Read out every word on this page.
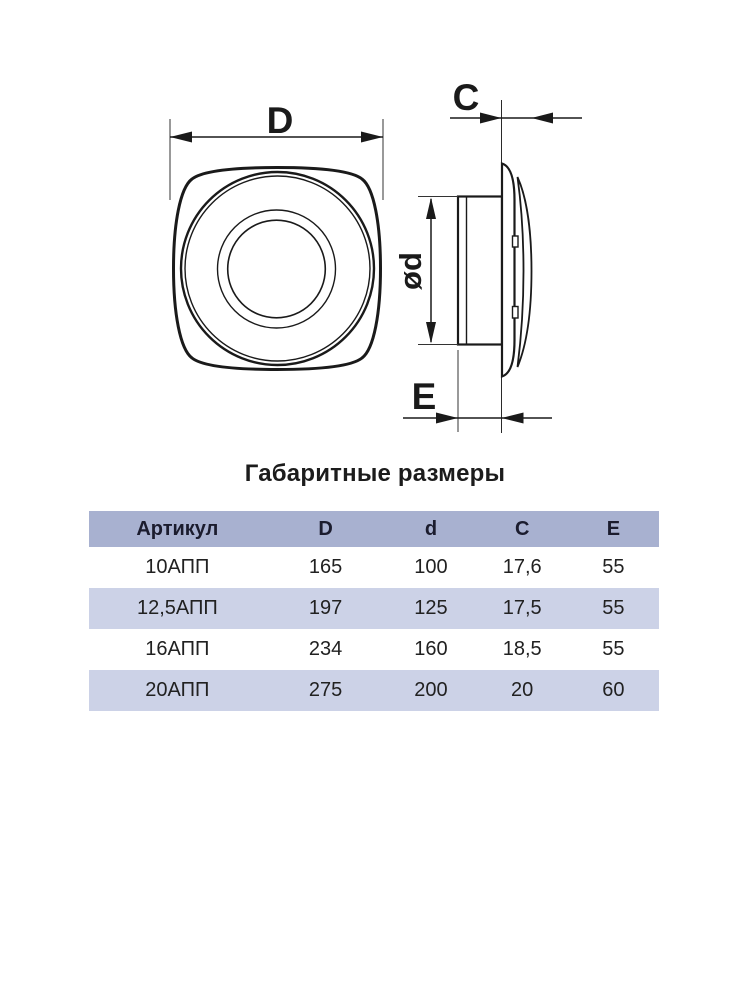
D
C
ød
E
Габаритные размеры
Артикул	D	d	C	E
10АПП	165	100	17,6	55
12,5АПП	197	125	17,5	55
16АПП	234	160	18,5	55
20АПП	275	200	20	60
